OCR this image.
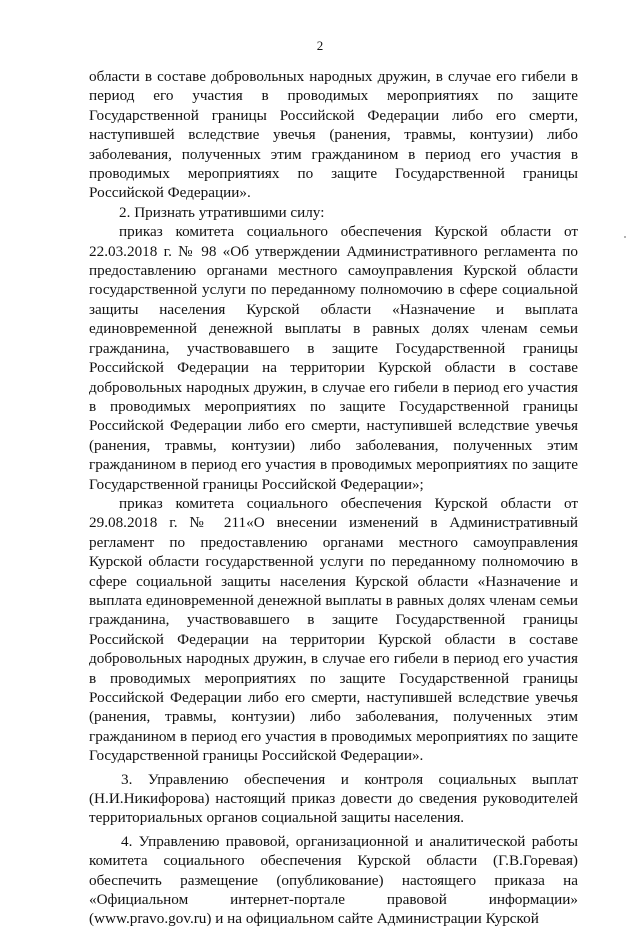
2

области в составе добровольных народных дружин, в случае его гибели в период его участия в проводимых мероприятиях по защите Государственной границы Российской Федерации либо его смерти, наступившей вследствие увечья (ранения, травмы, контузии) либо заболевания, полученных этим гражданином в период его участия в проводимых мероприятиях по защите Государственной границы Российской Федерации».

2. Признать утратившими силу:

приказ комитета социального обеспечения Курской области от 22.03.2018 г. № 98 «Об утверждении Административного регламента по предоставлению органами местного самоуправления Курской области государственной услуги по переданному полномочию в сфере социальной защиты населения Курской области «Назначение и выплата единовременной денежной выплаты в равных долях членам семьи гражданина, участвовавшего в защите Государственной границы Российской Федерации на территории Курской области в составе добровольных народных дружин, в случае его гибели в период его участия в проводимых мероприятиях по защите Государственной границы Российской Федерации либо его смерти, наступившей вследствие увечья (ранения, травмы, контузии) либо заболевания, полученных этим гражданином в период его участия в проводимых мероприятиях по защите Государственной границы Российской Федерации»;

приказ комитета социального обеспечения Курской области от 29.08.2018 г. № 211«О внесении изменений в Административный регламент по предоставлению органами местного самоуправления Курской области государственной услуги по переданному полномочию в сфере социальной защиты населения Курской области «Назначение и выплата единовременной денежной выплаты в равных долях членам семьи гражданина, участвовавшего в защите Государственной границы Российской Федерации на территории Курской области в составе добровольных народных дружин, в случае его гибели в период его участия в проводимых мероприятиях по защите Государственной границы Российской Федерации либо его смерти, наступившей вследствие увечья (ранения, травмы, контузии) либо заболевания, полученных этим гражданином в период его участия в проводимых мероприятиях по защите Государственной границы Российской Федерации».

3. Управлению обеспечения и контроля социальных выплат (Н.И.Никифорова) настоящий приказ довести до сведения руководителей территориальных органов социальной защиты населения.

4. Управлению правовой, организационной и аналитической работы комитета социального обеспечения Курской области (Г.В.Горевая) обеспечить размещение (опубликование) настоящего приказа на «Официальном интернет-портале правовой информации» (www.pravo.gov.ru) и на официальном сайте Администрации Курской
